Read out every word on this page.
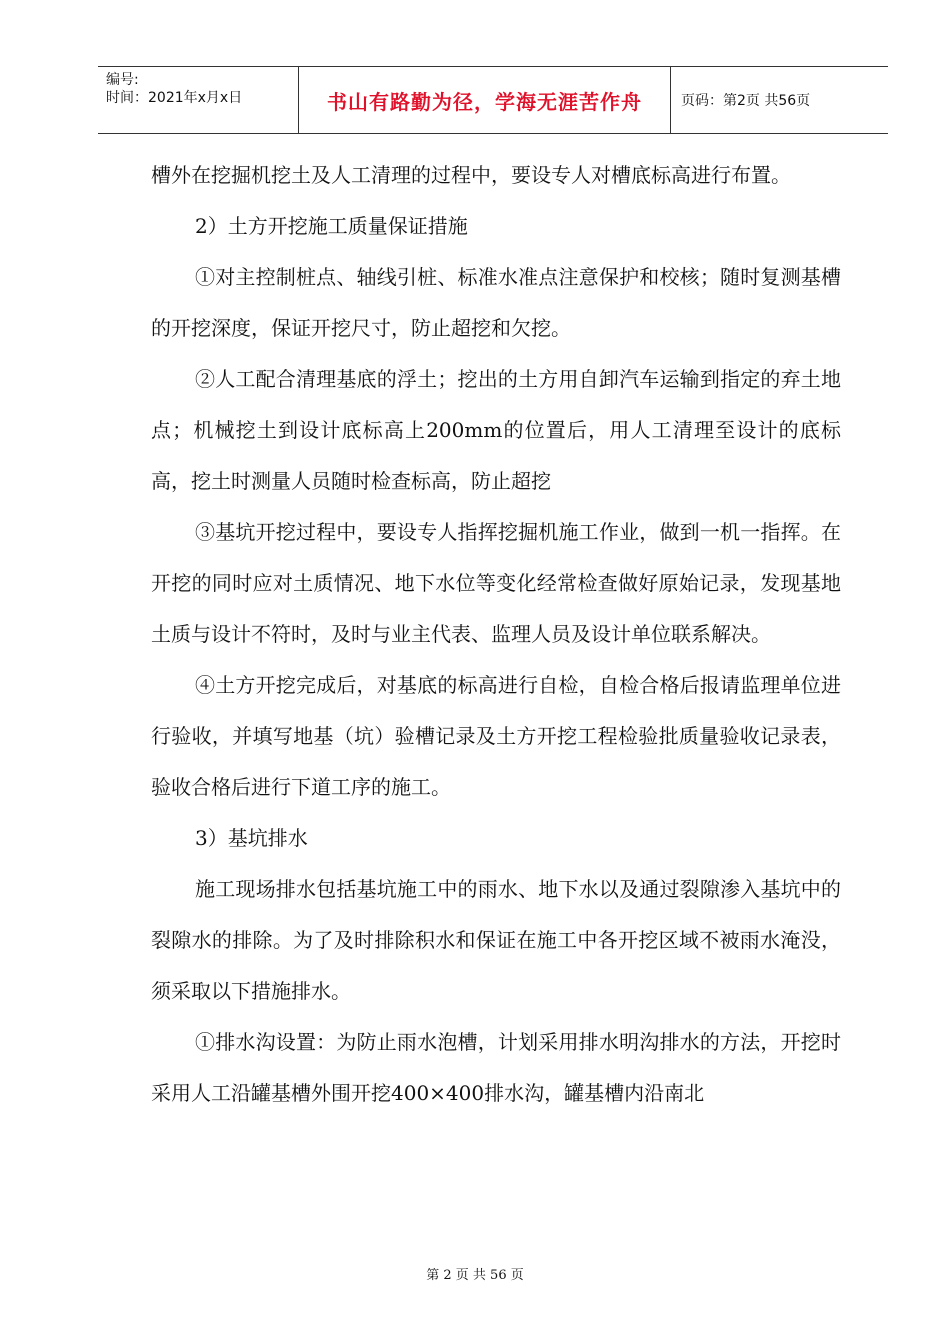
编号:
时间：2021年x月x日	书山有路勤为径，学海无涯苦作舟	页码：第2页 共56页

槽外在挖掘机挖土及人工清理的过程中，要设专人对槽底标高进行布置。

2）土方开挖施工质量保证措施

①对主控制桩点、轴线引桩、标准水准点注意保护和校核；随时复测基槽的开挖深度，保证开挖尺寸，防止超挖和欠挖。

②人工配合清理基底的浮土；挖出的土方用自卸汽车运输到指定的弃土地点；机械挖土到设计底标高上200mm的位置后，用人工清理至设计的底标高，挖土时测量人员随时检查标高，防止超挖

③基坑开挖过程中，要设专人指挥挖掘机施工作业，做到一机一指挥。在开挖的同时应对土质情况、地下水位等变化经常检查做好原始记录，发现基地土质与设计不符时，及时与业主代表、监理人员及设计单位联系解决。

④土方开挖完成后，对基底的标高进行自检，自检合格后报请监理单位进行验收，并填写地基（坑）验槽记录及土方开挖工程检验批质量验收记录表，验收合格后进行下道工序的施工。

3）基坑排水

施工现场排水包括基坑施工中的雨水、地下水以及通过裂隙渗入基坑中的裂隙水的排除。为了及时排除积水和保证在施工中各开挖区域不被雨水淹没，须采取以下措施排水。

①排水沟设置：为防止雨水泡槽，计划采用排水明沟排水的方法，开挖时采用人工沿罐基槽外围开挖400×400排水沟，罐基槽内沿南北

第 2 页 共 56 页
